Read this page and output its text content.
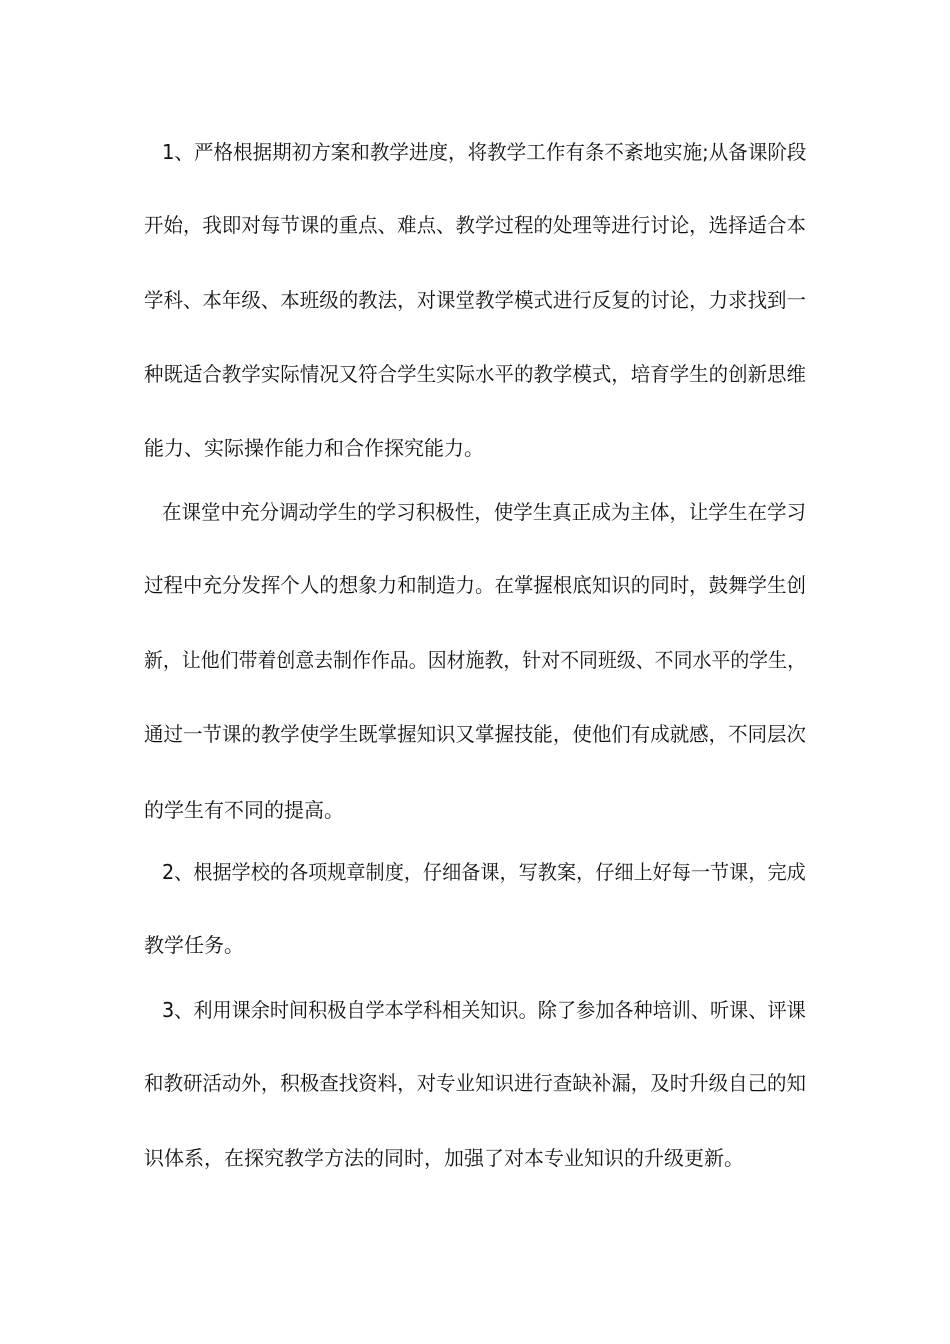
1、严格根据期初方案和教学进度，将教学工作有条不紊地实施;从备课阶段
开始，我即对每节课的重点、难点、教学过程的处理等进行讨论，选择适合本
学科、本年级、本班级的教法，对课堂教学模式进行反复的讨论，力求找到一
种既适合教学实际情况又符合学生实际水平的教学模式，培育学生的创新思维
能力、实际操作能力和合作探究能力。
在课堂中充分调动学生的学习积极性，使学生真正成为主体，让学生在学习
过程中充分发挥个人的想象力和制造力。在掌握根底知识的同时，鼓舞学生创
新，让他们带着创意去制作作品。因材施教，针对不同班级、不同水平的学生，
通过一节课的教学使学生既掌握知识又掌握技能，使他们有成就感，不同层次
的学生有不同的提高。
2、根据学校的各项规章制度，仔细备课，写教案，仔细上好每一节课，完成
教学任务。
3、利用课余时间积极自学本学科相关知识。除了参加各种培训、听课、评课
和教研活动外，积极查找资料，对专业知识进行查缺补漏，及时升级自己的知
识体系，在探究教学方法的同时，加强了对本专业知识的升级更新。
